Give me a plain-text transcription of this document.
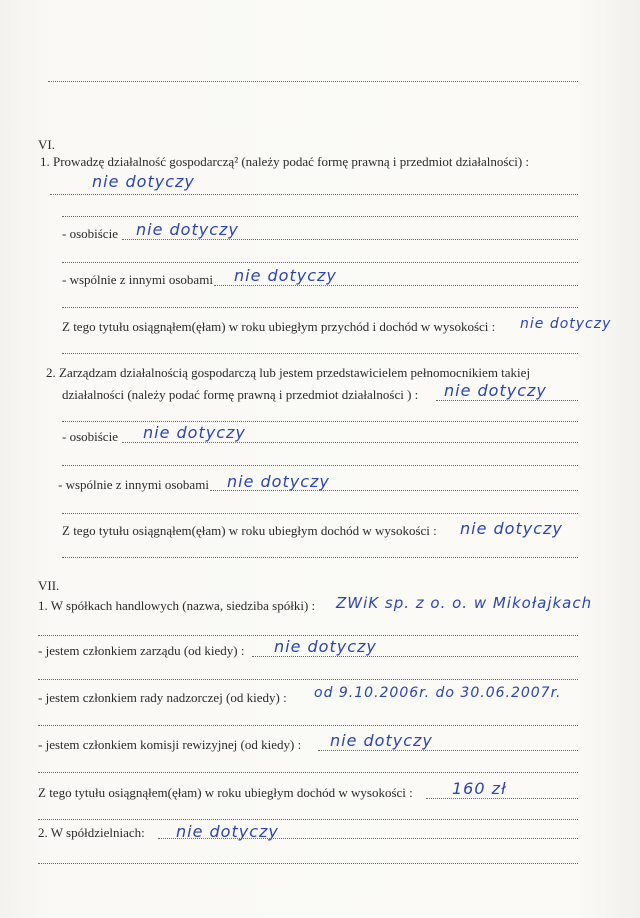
VI.
1. Prowadzę działalność gospodarczą² (należy podać formę prawną i przedmiot działalności) :
nie dotyczy
- osobiście nie dotyczy
- wspólnie z innymi osobami nie dotyczy
Z tego tytułu osiągnąłem(ęłam) w roku ubiegłym przychód i dochód w wysokości : nie dotyczy
2. Zarządzam działalnością gospodarczą lub jestem przedstawicielem pełnomocnikiem takiej
działalności (należy podać formę prawną i przedmiot działalności ) : nie dotyczy
- osobiście nie dotyczy
- wspólnie z innymi osobami nie dotyczy
Z tego tytułu osiągnąłem(ęłam) w roku ubiegłym dochód w wysokości : nie dotyczy
VII.
1. W spółkach handlowych (nazwa, siedziba spółki) : ZWiK sp. z o. o. w Mikołajkach
- jestem członkiem zarządu (od kiedy) : nie dotyczy
- jestem członkiem rady nadzorczej (od kiedy) : od 9.10.2006r. do 30.06.2007r.
- jestem członkiem komisji rewizyjnej (od kiedy) : nie dotyczy
Z tego tytułu osiągnąłem(ęłam) w roku ubiegłym dochód w wysokości : 160 zł
2. W spółdzielniach: nie dotyczy
